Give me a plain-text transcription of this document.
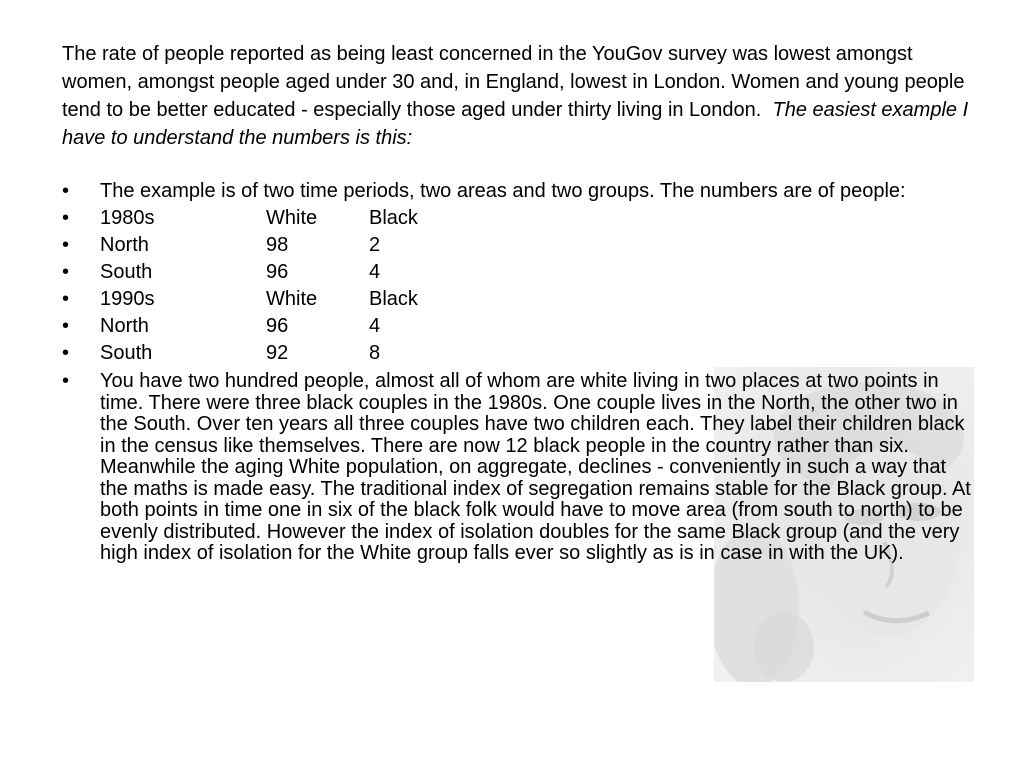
The rate of people reported as being least concerned in the YouGov survey was lowest amongst women, amongst people aged under 30 and, in England, lowest in London. Women and young people tend to be better educated - especially those aged under thirty living in London. The easiest example I have to understand the numbers is this:

•	The example is of two time periods, two areas and two groups. The numbers are of people:
•	1980s	White	Black
•	North	98	2
•	South	96	4
•	1990s	White	Black
•	North	96	4
•	South	92	8
•	You have two hundred people, almost all of whom are white living in two places at two points in time. There were three black couples in the 1980s. One couple lives in the North, the other two in the South. Over ten years all three couples have two children each. They label their children black in the census like themselves. There are now 12 black people in the country rather than six. Meanwhile the aging White population, on aggregate, declines - conveniently in such a way that the maths is made easy. The traditional index of segregation remains stable for the Black group. At both points in time one in six of the black folk would have to move area (from south to north) to be evenly distributed. However the index of isolation doubles for the same Black group (and the very high index of isolation for the White group falls ever so slightly as is in case in with the UK).
